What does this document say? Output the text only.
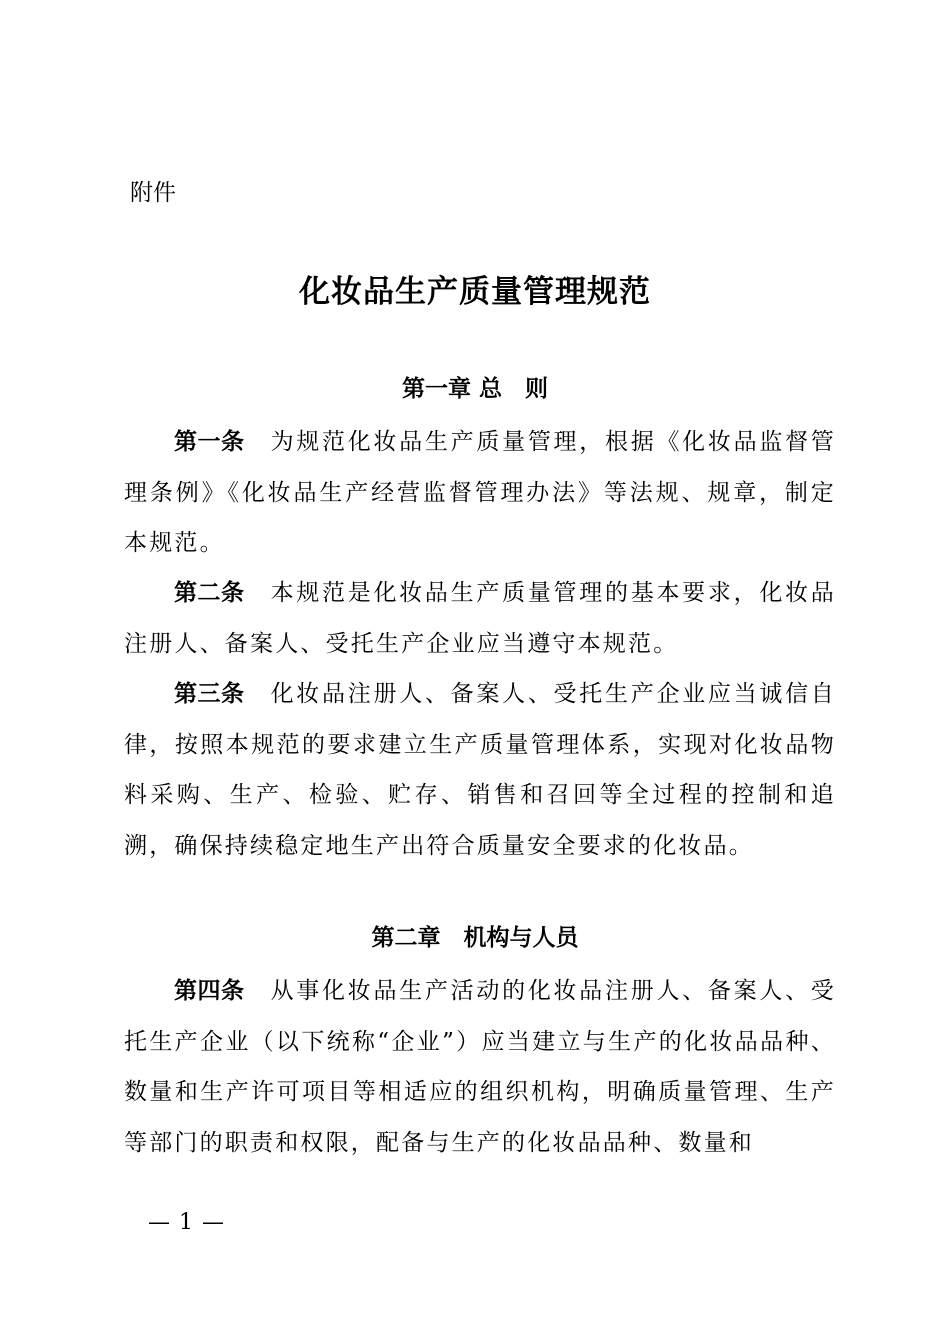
附件
化妆品生产质量管理规范
第一章 总　则
第一条 为规范化妆品生产质量管理，根据《化妆品监督管理条例》《化妆品生产经营监督管理办法》等法规、规章，制定本规范。
第二条 本规范是化妆品生产质量管理的基本要求，化妆品注册人、备案人、受托生产企业应当遵守本规范。
第三条 化妆品注册人、备案人、受托生产企业应当诚信自律，按照本规范的要求建立生产质量管理体系，实现对化妆品物料采购、生产、检验、贮存、销售和召回等全过程的控制和追溯，确保持续稳定地生产出符合质量安全要求的化妆品。
第二章　机构与人员
第四条 从事化妆品生产活动的化妆品注册人、备案人、受托生产企业（以下统称“企业”）应当建立与生产的化妆品品种、数量和生产许可项目等相适应的组织机构，明确质量管理、生产等部门的职责和权限，配备与生产的化妆品品种、数量和
— 1 —
